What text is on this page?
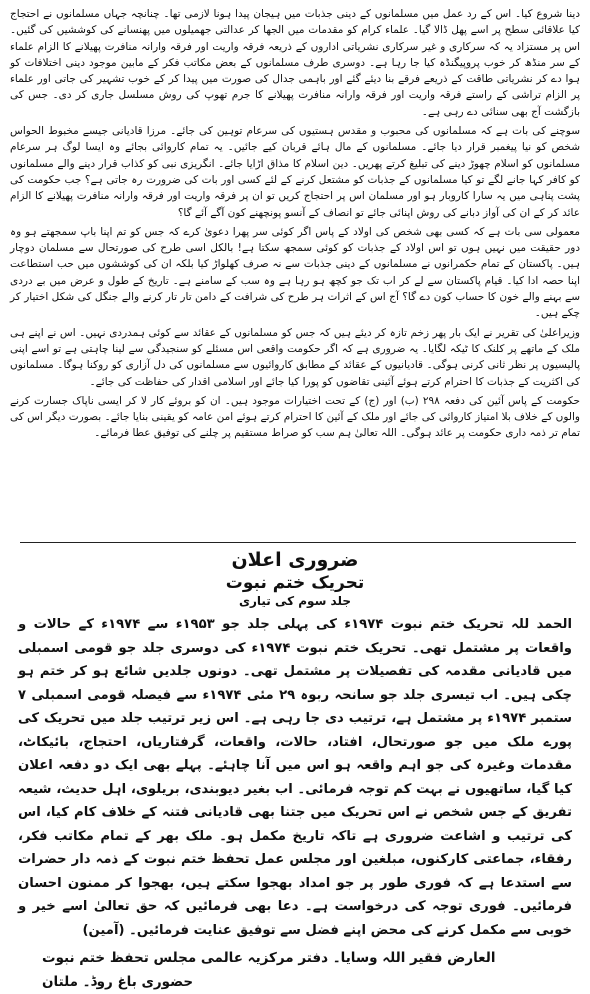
دینا شروع کیا۔ اس کے رد عمل میں مسلمانوں کے دینی جذبات میں ہیجان پیدا ہونا لازمی تھا۔ چنانچہ جہاں مسلمانوں نے احتجاج کیا علاقائی سطح پر اسے پھل ڈالا گیا۔ علماء کرام کو مقدمات میں الجھا کر عدالتی جھمیلوں میں پھنسانے کی کوششیں کی گئیں۔ اس پر مستزاد یہ کہ سرکاری و غیر سرکاری نشریاتی اداروں کے ذریعہ فرقہ واریت اور فرقہ وارانہ منافرت پھیلانے کا الزام علماء کے سر منڈھ کر خوب پروپیگنڈہ کیا جا رہا ہے۔ دوسری طرف مسلمانوں کے بعض مکاتب فکر کے مابین موجود دینی اختلافات کو ہوا دے کر نشریاتی طاقت کے ذریعے فرقے بنا دیئے گئے اور باہمی جدال کی صورت میں پیدا کر کے خوب تشہیر کی جاتی اور علماء پر الزام تراشی کے راستے فرقہ واریت اور فرقہ وارانہ منافرت پھیلانے کا جرم تھوپ کی روش مسلسل جاری کر دی۔ جس کی بازگشت آج بھی سنائی دے رہی ہے۔

سوچنے کی بات ہے کہ مسلمانوں کی محبوب و مقدس ہستیوں کی سرعام توہین کی جائے۔ مرزا قادیانی جیسے مخبوط الحواس شخص کو نیا پیغمبر قرار دیا جائے۔ مسلمانوں کے مال ہائے قربان کیے جائیں۔ یہ تمام کاروائی بجائے وہ ایسا لوگ ہر سرعام مسلمانوں کو اسلام چھوڑ دینے کی تبلیغ کرتے پھریں۔ دین اسلام کا مذاق اڑایا جائے۔ انگریزی نبی کو کذاب قرار دینے والے مسلمانوں کو کافر کہا جانے لگے تو کیا مسلمانوں کے جذبات کو مشتعل کرنے کے لئے کسی اور بات کی ضرورت رہ جاتی ہے؟ جب حکومت کی پشت پناہی میں یہ سارا کاروبار ہو اور مسلمان اس پر احتجاج کریں تو ان پر فرقہ واریت اور فرقہ وارانہ منافرت پھیلانے کا الزام عائد کر کے ان کی آواز دبانے کی روش اپنائی جائے تو انصاف کے آنسو پونچھنے کون آگے آئے گا؟

معمولی سی بات ہے کہ کسی بھی شخص کی اولاد کے پاس اگر کوئی سر پھرا دعویٰ کرے کہ جس کو تم اپنا باپ سمجھتے ہو وہ دور حقیقت میں نہیں ہوں تو اس اولاد کے جذبات کو کوئی سمجھ سکتا ہے! بالکل اسی طرح کی صورتحال سے مسلمان دوچار ہیں۔ پاکستان کے تمام حکمرانوں نے مسلمانوں کے دینی جذبات سے نہ صرف کھلواڑ کیا بلکہ ان کی کوششوں میں حب استطاعت اپنا حصہ ادا کیا۔ قیام پاکستان سے لے کر اب تک جو کچھ ہو رہا ہے وہ سب کے سامنے ہے۔ تاریخ کے طول و عرض میں بے دردی سے بہنے والے خون کا حساب کون دے گا؟ آج اس کے اثرات ہر طرح کی شرافت کے دامن تار تار کرنے والے جنگل کی شکل اختیار کر چکے ہیں۔

وزیراعلیٰ کی تقریر نے ایک بار پھر زخم تازہ کر دیئے ہیں کہ جس کو مسلمانوں کے عقائد سے کوئی ہمدردی نہیں۔ اس نے اپنے ہی ملک کے ماتھے پر کلنک کا ٹیکہ لگایا۔ یہ ضروری ہے کہ اگر حکومت واقعی اس مسئلے کو سنجیدگی سے لینا چاہتی ہے تو اسے اپنی پالیسیوں پر نظر ثانی کرنی ہوگی۔ قادیانیوں کے عقائد کے مطابق کاروائیوں سے مسلمانوں کی دل آزاری کو روکنا ہوگا۔ مسلمانوں کی اکثریت کے جذبات کا احترام کرتے ہوئے آئینی تقاضوں کو پورا کیا جائے اور اسلامی اقدار کی حفاظت کی جائے۔

حکومت کے پاس آئین کی دفعہ ۲۹۸ (ب) اور (ج) کے تحت اختیارات موجود ہیں۔ ان کو بروئے کار لا کر ایسی ناپاک جسارت کرنے والوں کے خلاف بلا امتیاز کاروائی کی جائے اور ملک کے آئین کا احترام کرتے ہوئے امن عامہ کو یقینی بنایا جائے۔ بصورت دیگر اس کی تمام تر ذمہ داری حکومت پر عائد ہوگی۔ اللہ تعالیٰ ہم سب کو صراط مستقیم پر چلنے کی توفیق عطا فرمائے۔

ضروری اعلان
تحریک ختم نبوت
جلد سوم کی تیاری

الحمد للہ تحریک ختم نبوت ۱۹۷۴ء کی پہلی جلد جو ۱۹۵۳ء سے ۱۹۷۴ء کے حالات و واقعات پر مشتمل تھی۔ تحریک ختم نبوت ۱۹۷۴ء کی دوسری جلد جو قومی اسمبلی میں قادیانی مقدمہ کی تفصیلات پر مشتمل تھی۔ دونوں جلدیں شائع ہو کر ختم ہو چکی ہیں۔ اب تیسری جلد جو سانحہ ربوہ ۲۹ مئی ۱۹۷۴ء سے فیصلہ قومی اسمبلی ۷ ستمبر ۱۹۷۴ء پر مشتمل ہے، ترتیب دی جا رہی ہے۔ اس زیر ترتیب جلد میں تحریک کی پورے ملک میں جو صورتحال، افتاد، حالات، واقعات، گرفتاریاں، احتجاج، بائیکاٹ، مقدمات وغیرہ کی جو اہم واقعہ ہو اس میں آنا چاہئے۔ پہلے بھی ایک دو دفعہ اعلان کیا گیا، ساتھیوں نے بہت کم توجہ فرمائی۔ اب بغیر دیوبندی، بریلوی، اہل حدیث، شیعہ تفریق کے جس شخص نے اس تحریک میں جتنا بھی قادیانی فتنہ کے خلاف کام کیا، اس کی ترتیب و اشاعت ضروری ہے تاکہ تاریخ مکمل ہو۔ ملک بھر کے تمام مکاتب فکر، رفقاء، جماعتی کارکنوں، مبلغین اور مجلس عمل تحفظ ختم نبوت کے ذمہ دار حضرات سے استدعا ہے کہ فوری طور پر جو امداد بھجوا سکتے ہیں، بھجوا کر ممنون احسان فرمائیں۔ فوری توجہ کی درخواست ہے۔ دعا بھی فرمائیں کہ حق تعالیٰ اسے خیر و خوبی سے مکمل کرنے کی محض اپنے فضل سے توفیق عنایت فرمائیں۔ (آمین)

العارض فقیر اللہ وسایا۔ دفتر مرکزیہ عالمی مجلس تحفظ ختم نبوت
حضوری باغ روڈ۔ ملتان
